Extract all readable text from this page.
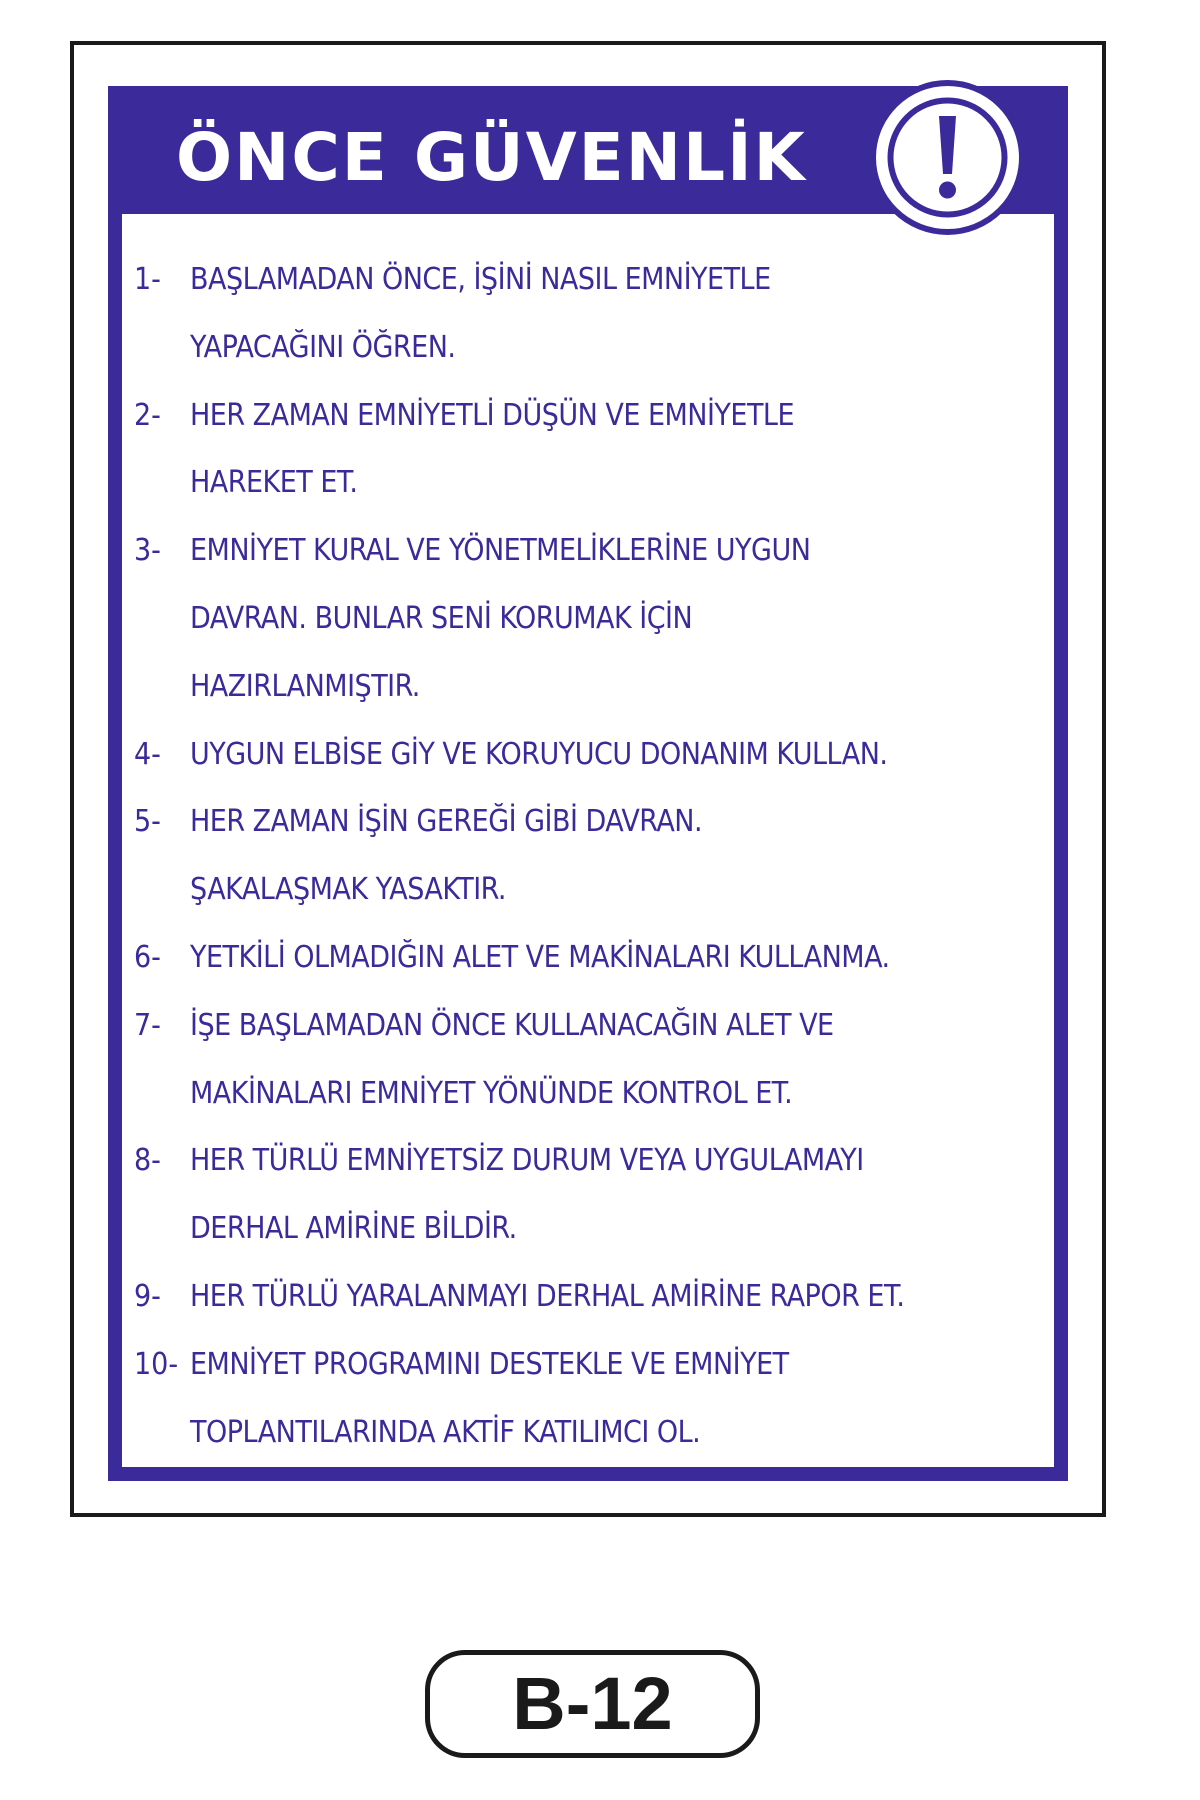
ÖNCE GÜVENLİK
1- BAŞLAMADAN ÖNCE, İŞİNİ NASIL EMNİYETLE
YAPACAĞINI ÖĞREN.
2- HER ZAMAN EMNİYETLİ DÜŞÜN VE EMNİYETLE
HAREKET ET.
3- EMNİYET KURAL VE YÖNETMELİKLERİNE UYGUN
DAVRAN. BUNLAR SENİ KORUMAK İÇİN
HAZIRLANMIŞTIR.
4- UYGUN ELBİSE GİY VE KORUYUCU DONANIM KULLAN.
5- HER ZAMAN İŞİN GEREĞİ GİBİ DAVRAN.
ŞAKALAŞMAK YASAKTIR.
6- YETKİLİ OLMADIĞIN ALET VE MAKİNALARI KULLANMA.
7- İŞE BAŞLAMADAN ÖNCE KULLANACAĞIN ALET VE
MAKİNALARI EMNİYET YÖNÜNDE KONTROL ET.
8- HER TÜRLÜ EMNİYETSİZ DURUM VEYA UYGULAMAYI
DERHAL AMİRİNE BİLDİR.
9- HER TÜRLÜ YARALANMAYI DERHAL AMİRİNE RAPOR ET.
10- EMNİYET PROGRAMINI DESTEKLE VE EMNİYET
TOPLANTILARINDA AKTİF KATILIMCI OL.
B-12
